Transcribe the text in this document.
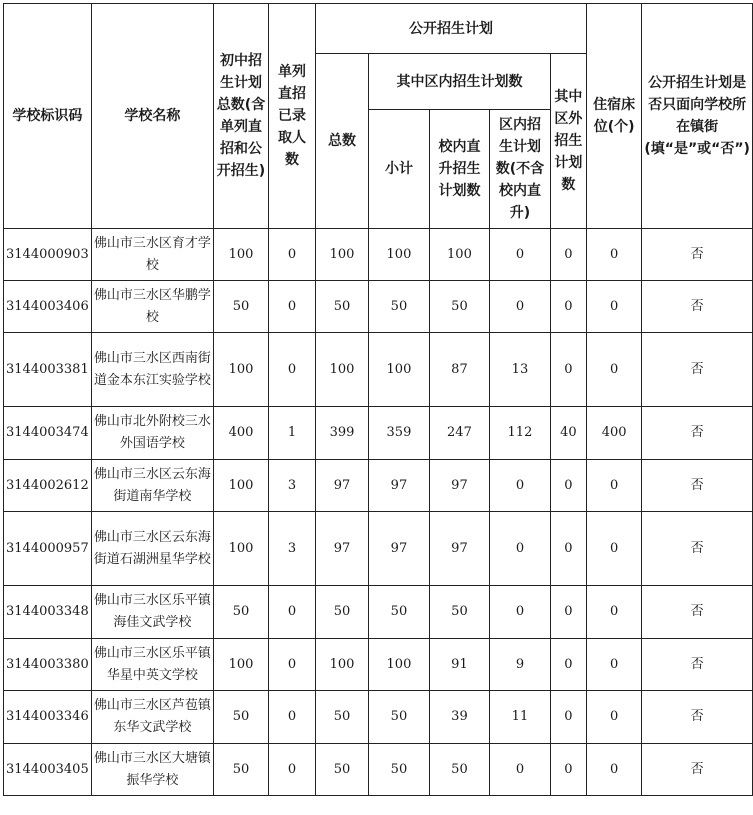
学校标识码	学校名称	初中招生计划总数(含单列直招和公开招生)	单列直招已录取人数	公开招生计划					住宿床位(个)	公开招生计划是否只面向学校所在镇街(填“是”或“否”)
				总数	其中区内招生计划数			其中区外招生计划数		
					小计	校内直升招生计划数	区内招生计划数(不含校内直升)			
3144000903	佛山市三水区育才学校	100	0	100	100	100	0	0	0	否
3144003406	佛山市三水区华鹏学校	50	0	50	50	50	0	0	0	否
3144003381	佛山市三水区西南街道金本东江实验学校	100	0	100	100	87	13	0	0	否
3144003474	佛山市北外附校三水外国语学校	400	1	399	359	247	112	40	400	否
3144002612	佛山市三水区云东海街道南华学校	100	3	97	97	97	0	0	0	否
3144000957	佛山市三水区云东海街道石湖洲星华学校	100	3	97	97	97	0	0	0	否
3144003348	佛山市三水区乐平镇海佳文武学校	50	0	50	50	50	0	0	0	否
3144003380	佛山市三水区乐平镇华星中英文学校	100	0	100	100	91	9	0	0	否
3144003346	佛山市三水区芦苞镇东华文武学校	50	0	50	50	39	11	0	0	否
3144003405	佛山市三水区大塘镇振华学校	50	0	50	50	50	0	0	0	否
